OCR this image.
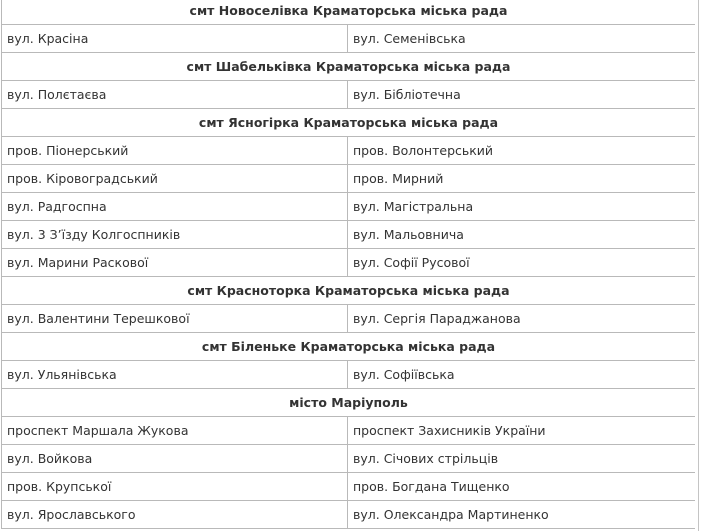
смт Новоселівка Краматорська міська рада	
вул. Красіна	вул. Семенівська
смт Шабельківка Краматорська міська рада	
вул. Полєтаєва	вул. Бібліотечна
смт Ясногірка Краматорська міська рада	
пров. Піонерський	пров. Волонтерський
пров. Кіровоградський	пров. Мирний
вул. Радгоспна	вул. Магістральна
вул. 3 З’їзду Колгоспників	вул. Мальовнича
вул. Марини Раскової	вул. Софії Русової
смт Красноторка Краматорська міська рада	
вул. Валентини Терешкової	вул. Сергія Параджанова
смт Біленьке Краматорська міська рада	
вул. Ульянівська	вул. Софіївська
місто Маріуполь	
проспект Маршала Жукова	проспект Захисників України
вул. Войкова	вул. Січових стрільців
пров. Крупської	пров. Богдана Тищенко
вул. Ярославського	вул. Олександра Мартиненко
